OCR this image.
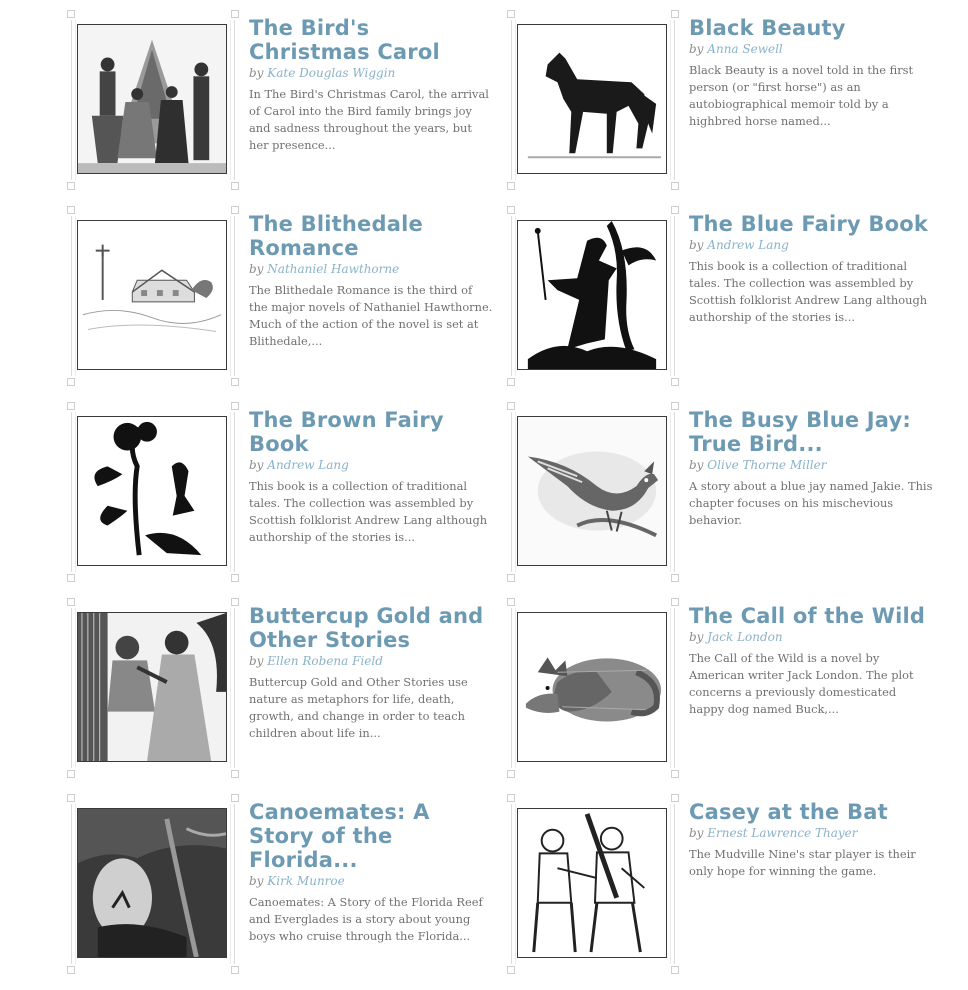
The Bird's Christmas Carol

by Kate Douglas Wiggin

In The Bird's Christmas Carol, the arrival of Carol into the Bird family brings joy and sadness throughout the years, but her presence...

Black Beauty

by Anna Sewell

Black Beauty is a novel told in the first person (or "first horse") as an autobiographical memoir told by a highbred horse named...

The Blithedale Romance

by Nathaniel Hawthorne

The Blithedale Romance is the third of the major novels of Nathaniel Hawthorne. Much of the action of the novel is set at Blithedale,...

The Blue Fairy Book

by Andrew Lang

This book is a collection of traditional tales. The collection was assembled by Scottish folklorist Andrew Lang although authorship of the stories is...

The Brown Fairy Book

by Andrew Lang

This book is a collection of traditional tales. The collection was assembled by Scottish folklorist Andrew Lang although authorship of the stories is...

The Busy Blue Jay: True Bird...

by Olive Thorne Miller

A story about a blue jay named Jakie. This chapter focuses on his mischevious behavior.

Buttercup Gold and Other Stories

by Ellen Robena Field

Buttercup Gold and Other Stories use nature as metaphors for life, death, growth, and change in order to teach children about life in...

The Call of the Wild

by Jack London

The Call of the Wild is a novel by American writer Jack London. The plot concerns a previously domesticated happy dog named Buck,...

Canoemates: A Story of the Florida...

by Kirk Munroe

Canoemates: A Story of the Florida Reef and Everglades is a story about young boys who cruise through the Florida...

Casey at the Bat

by Ernest Lawrence Thayer

The Mudville Nine's star player is their only hope for winning the game.
